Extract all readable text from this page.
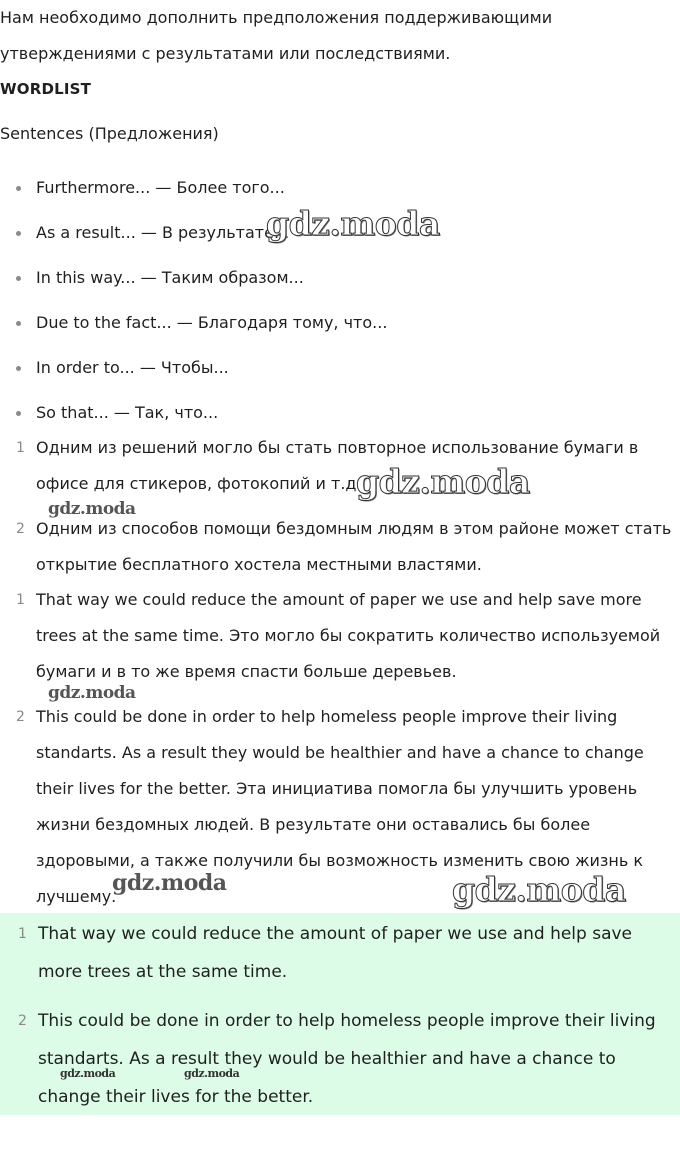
Нам необходимо дополнить предположения поддерживающими
утверждениями с результатами или последствиями.
WORDLIST
Sentences (Предложения)
Furthermore... — Более того...
As a result... — В результате...
In this way... — Таким образом...
Due to the fact... — Благодаря тому, что...
In order to... — Чтобы...
So that... — Так, что...
1 Одним из решений могло бы стать повторное использование бумаги в офисе для стикеров, фотокопий и т.д.
2 Одним из способов помощи бездомным людям в этом районе может стать открытие бесплатного хостела местными властями.
1 That way we could reduce the amount of paper we use and help save more trees at the same time. Это могло бы сократить количество используемой бумаги и в то же время спасти больше деревьев.
2 This could be done in order to help homeless people improve their living standarts. As a result they would be healthier and have a chance to change their lives for the better. Эта инициатива помогла бы улучшить уровень жизни бездомных людей. В результате они оставались бы более здоровыми, а также получили бы возможность изменить свою жизнь к лучшему.
1 That way we could reduce the amount of paper we use and help save more trees at the same time.
2 This could be done in order to help homeless people improve their living standarts. As a result they would be healthier and have a chance to change their lives for the better.
gdz.moda
gdz.moda
gdz.moda
gdz.moda
gdz.moda	gdz.moda
gdz.moda	gdz.moda
